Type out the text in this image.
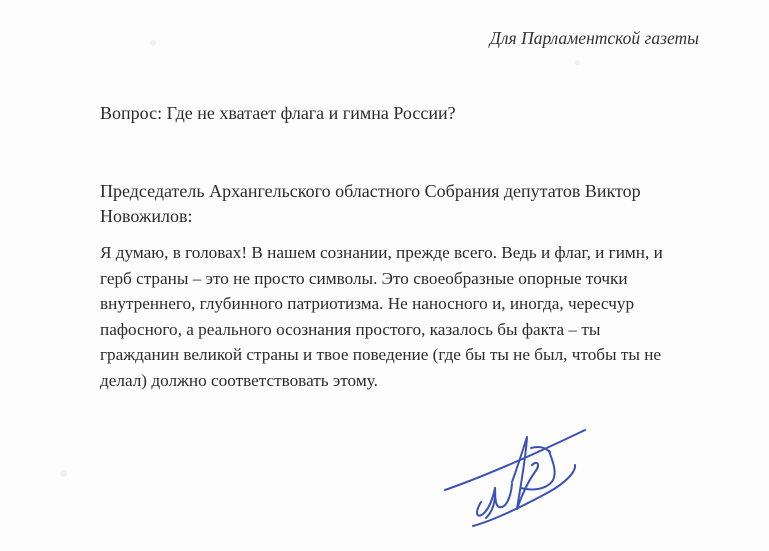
Для Парламентской газеты
Вопрос: Где не хватает флага и гимна России?
Председатель Архангельского областного Собрания депутатов Виктор
Новожилов:
Я думаю, в головах! В нашем сознании, прежде всего. Ведь и флаг, и гимн, и
герб страны – это не просто символы. Это своеобразные опорные точки
внутреннего, глубинного патриотизма. Не наносного и, иногда, чересчур
пафосного, а реального осознания простого, казалось бы факта – ты
гражданин великой страны и твое поведение (где бы ты не был, чтобы ты не
делал) должно соответствовать этому.
